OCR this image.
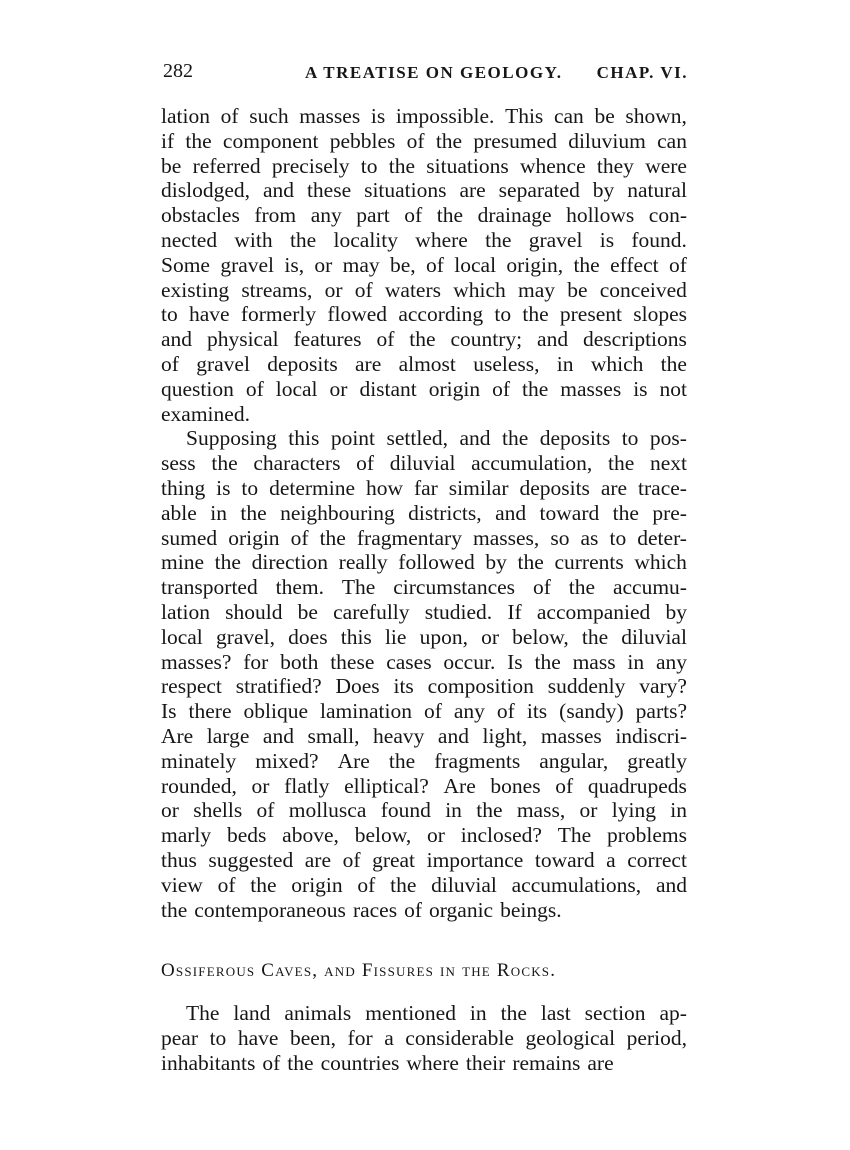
282	A TREATISE ON GEOLOGY. CHAP. VI.
lation of such masses is impossible. This can be shown,
if the component pebbles of the presumed diluvium can
be referred precisely to the situations whence they were
dislodged, and these situations are separated by natural
obstacles from any part of the drainage hollows con-
nected with the locality where the gravel is found.
Some gravel is, or may be, of local origin, the effect of
existing streams, or of waters which may be conceived
to have formerly flowed according to the present slopes
and physical features of the country; and descriptions
of gravel deposits are almost useless, in which the
question of local or distant origin of the masses is not
examined.
Supposing this point settled, and the deposits to pos-
sess the characters of diluvial accumulation, the next
thing is to determine how far similar deposits are trace-
able in the neighbouring districts, and toward the pre-
sumed origin of the fragmentary masses, so as to deter-
mine the direction really followed by the currents which
transported them. The circumstances of the accumu-
lation should be carefully studied. If accompanied by
local gravel, does this lie upon, or below, the diluvial
masses? for both these cases occur. Is the mass in any
respect stratified? Does its composition suddenly vary?
Is there oblique lamination of any of its (sandy) parts?
Are large and small, heavy and light, masses indiscri-
minately mixed? Are the fragments angular, greatly
rounded, or flatly elliptical? Are bones of quadrupeds
or shells of mollusca found in the mass, or lying in
marly beds above, below, or inclosed? The problems
thus suggested are of great importance toward a correct
view of the origin of the diluvial accumulations, and
the contemporaneous races of organic beings.
Ossiferous Caves, and Fissures in the Rocks.
The land animals mentioned in the last section ap-
pear to have been, for a considerable geological period,
inhabitants of the countries where their remains are
